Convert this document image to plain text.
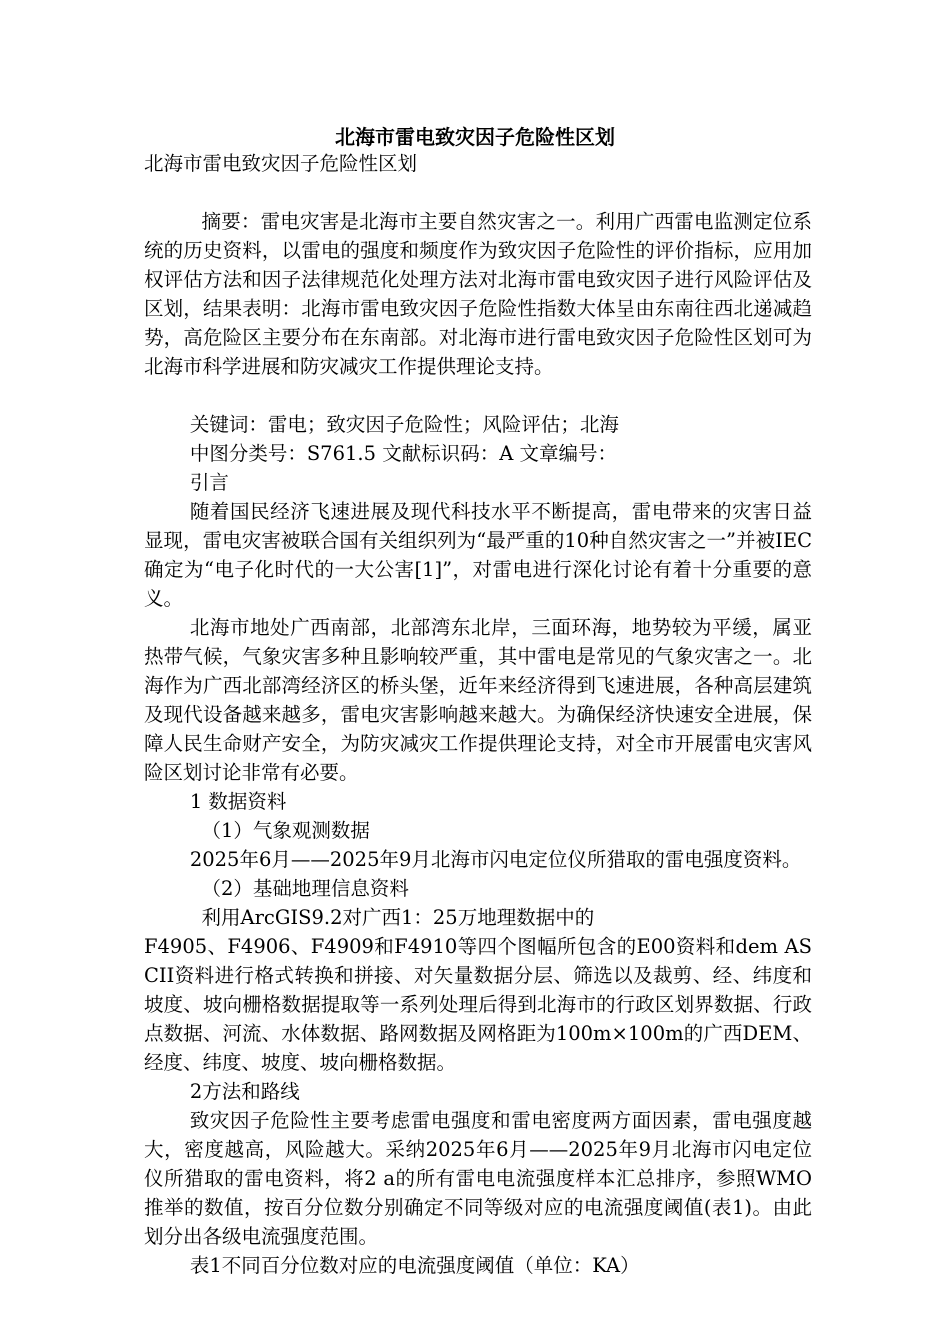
北海市雷电致灾因子危险性区划

北海市雷电致灾因子危险性区划

摘要：雷电灾害是北海市主要自然灾害之一。利用广西雷电监测定位系统的历史资料，以雷电的强度和频度作为致灾因子危险性的评价指标，应用加权评估方法和因子法律规范化处理方法对北海市雷电致灾因子进行风险评估及区划，结果表明：北海市雷电致灾因子危险性指数大体呈由东南往西北递减趋势，高危险区主要分布在东南部。对北海市进行雷电致灾因子危险性区划可为北海市科学进展和防灾减灾工作提供理论支持。

关键词：雷电；致灾因子危险性；风险评估；北海

中图分类号：S761.5 文献标识码：A 文章编号：

引言

随着国民经济飞速进展及现代科技水平不断提高，雷电带来的灾害日益显现，雷电灾害被联合国有关组织列为“最严重的10种自然灾害之一”并被IEC确定为“电子化时代的一大公害[1]”，对雷电进行深化讨论有着十分重要的意义。

北海市地处广西南部，北部湾东北岸，三面环海，地势较为平缓，属亚热带气候，气象灾害多种且影响较严重，其中雷电是常见的气象灾害之一。北海作为广西北部湾经济区的桥头堡，近年来经济得到飞速进展，各种高层建筑及现代设备越来越多，雷电灾害影响越来越大。为确保经济快速安全进展，保障人民生命财产安全，为防灾减灾工作提供理论支持，对全市开展雷电灾害风险区划讨论非常有必要。

1 数据资料

（1）气象观测数据

2025年6月——2025年9月北海市闪电定位仪所猎取的雷电强度资料。

（2）基础地理信息资料

利用ArcGIS9.2对广西1：25万地理数据中的

F4905、F4906、F4909和F4910等四个图幅所包含的E00资料和dem ASCII资料进行格式转换和拼接、对矢量数据分层、筛选以及裁剪、经、纬度和坡度、坡向栅格数据提取等一系列处理后得到北海市的行政区划界数据、行政点数据、河流、水体数据、路网数据及网格距为100m×100m的广西DEM、经度、纬度、坡度、坡向栅格数据。

2方法和路线

致灾因子危险性主要考虑雷电强度和雷电密度两方面因素，雷电强度越大，密度越高，风险越大。采纳2025年6月——2025年9月北海市闪电定位仪所猎取的雷电资料，将2 a的所有雷电电流强度样本汇总排序，参照WMO推举的数值，按百分位数分别确定不同等级对应的电流强度阈值(表1)。由此划分出各级电流强度范围。

表1不同百分位数对应的电流强度阈值（单位：KA）
